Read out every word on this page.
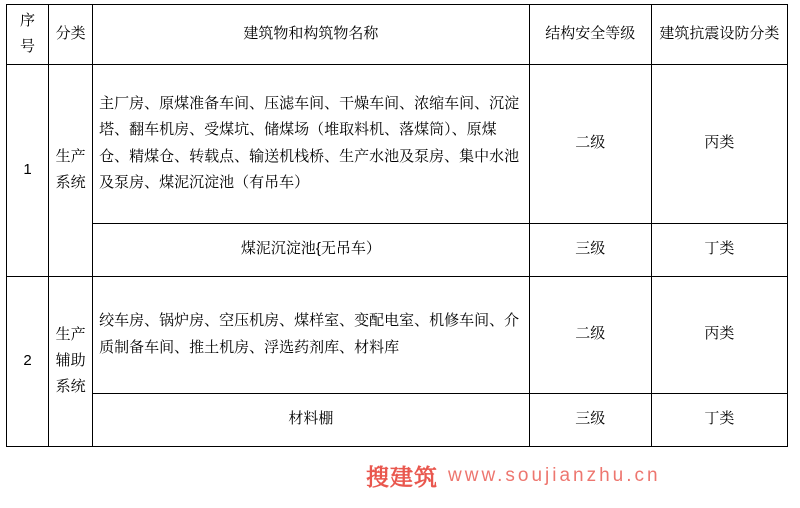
序号	分类	建筑物和构筑物名称	结构安全等级	建筑抗震设防分类
1	生产系统	主厂房、原煤准备车间、压滤车间、干燥车间、浓缩车间、沉淀塔、翻车机房、受煤坑、储煤场（堆取料机、落煤筒）、原煤仓、精煤仓、转载点、输送机栈桥、生产水池及泵房、集中水池及泵房、煤泥沉淀池（有吊车）	二级	丙类
		煤泥沉淀池{无吊车）	三级	丁类
2	生产辅助系统	绞车房、锅炉房、空压机房、煤样室、变配电室、机修车间、介质制备车间、推土机房、浮选药剂库、材料库	二级	丙类
		材料棚	三级	丁类
搜建筑 www.soujianzhu.cn
